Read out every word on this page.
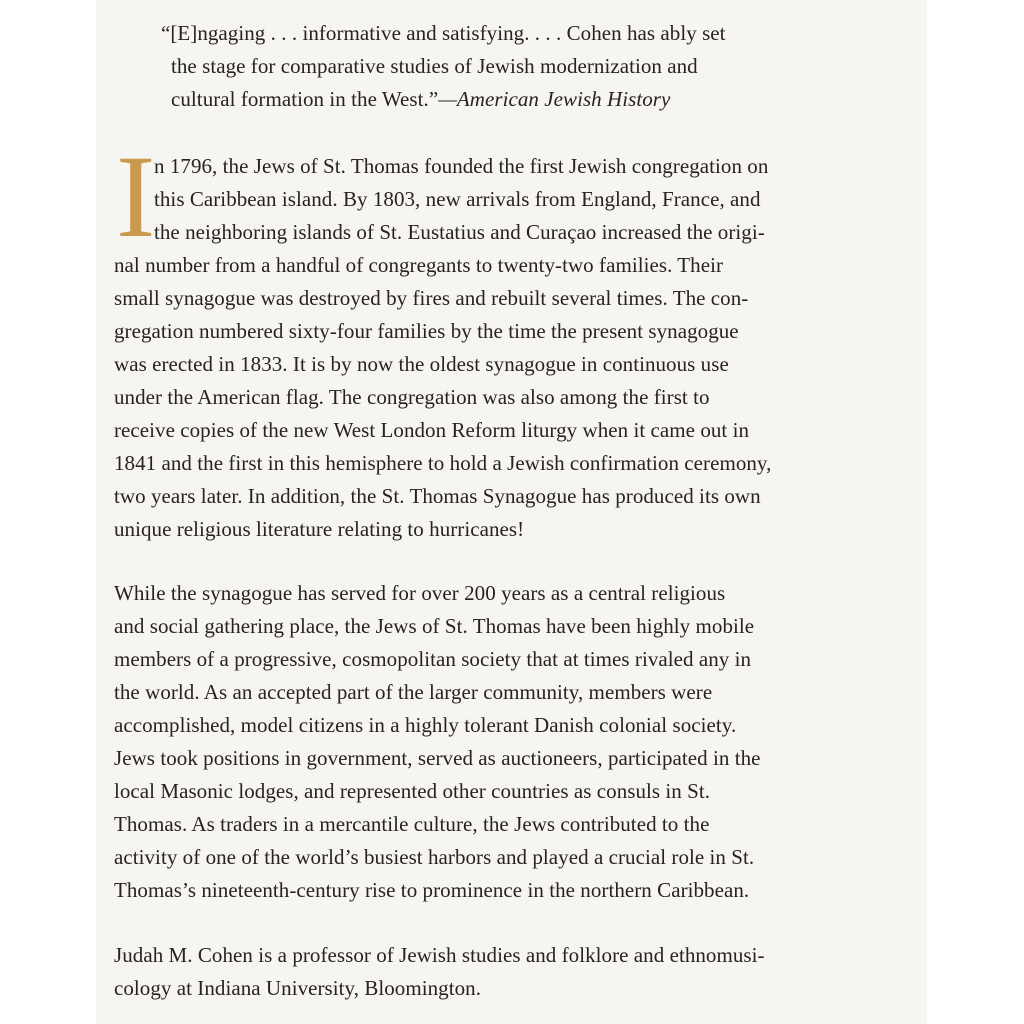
“[E]ngaging . . . informative and satisfying. . . . Cohen has ably set
the stage for comparative studies of Jewish modernization and
cultural formation in the West.”—American Jewish History
I
n 1796, the Jews of St. Thomas founded the first Jewish congregation on
this Caribbean island. By 1803, new arrivals from England, France, and
the neighboring islands of St. Eustatius and Curaçao increased the origi-
nal number from a handful of congregants to twenty-two families. Their
small synagogue was destroyed by fires and rebuilt several times. The con-
gregation numbered sixty-four families by the time the present synagogue
was erected in 1833. It is by now the oldest synagogue in continuous use
under the American flag. The congregation was also among the first to
receive copies of the new West London Reform liturgy when it came out in
1841 and the first in this hemisphere to hold a Jewish confirmation ceremony,
two years later. In addition, the St. Thomas Synagogue has produced its own
unique religious literature relating to hurricanes!
While the synagogue has served for over 200 years as a central religious
and social gathering place, the Jews of St. Thomas have been highly mobile
members of a progressive, cosmopolitan society that at times rivaled any in
the world. As an accepted part of the larger community, members were
accomplished, model citizens in a highly tolerant Danish colonial society.
Jews took positions in government, served as auctioneers, participated in the
local Masonic lodges, and represented other countries as consuls in St.
Thomas. As traders in a mercantile culture, the Jews contributed to the
activity of one of the world’s busiest harbors and played a crucial role in St.
Thomas’s nineteenth-century rise to prominence in the northern Caribbean.
Judah M. Cohen is a professor of Jewish studies and folklore and ethnomusi-
cology at Indiana University, Bloomington.
